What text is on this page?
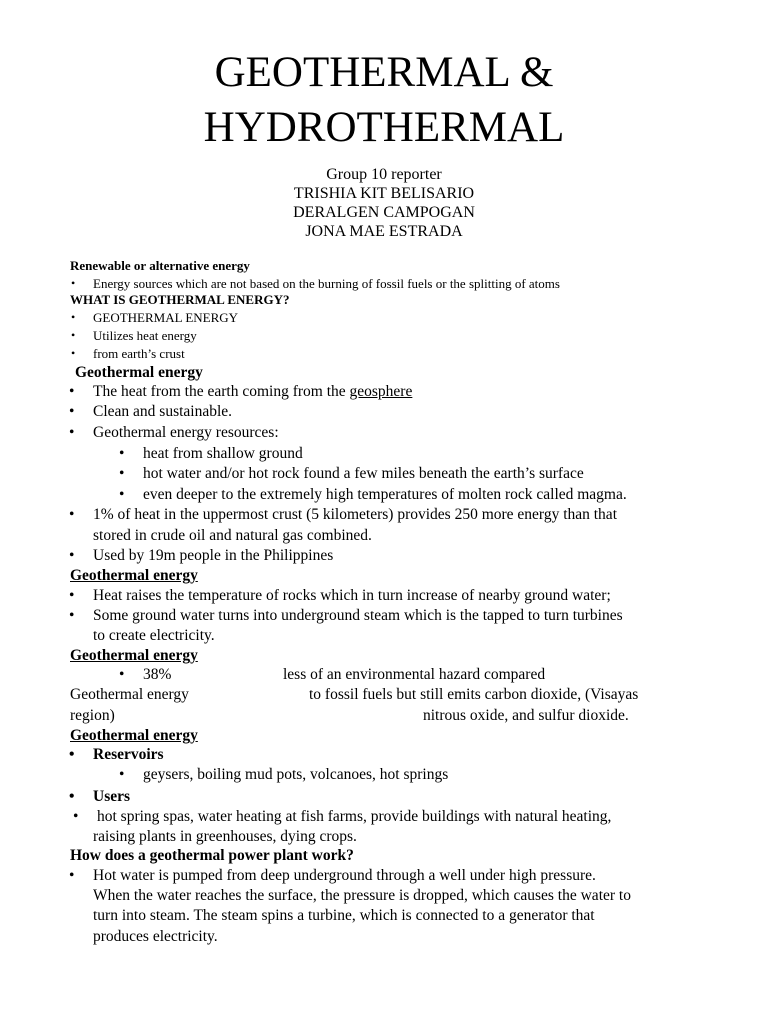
GEOTHERMAL &
HYDROTHERMAL
Group 10 reporter
TRISHIA KIT BELISARIO
DERALGEN CAMPOGAN
JONA MAE ESTRADA
Renewable or alternative energy
• Energy sources which are not based on the burning of fossil fuels or the splitting of atoms
WHAT IS GEOTHERMAL ENERGY?
• GEOTHERMAL ENERGY
• Utilizes heat energy
• from earth’s crust
Geothermal energy
• The heat from the earth coming from the geosphere
• Clean and sustainable.
• Geothermal energy resources:
• heat from shallow ground
• hot water and/or hot rock found a few miles beneath the earth’s surface
• even deeper to the extremely high temperatures of molten rock called magma.
• 1% of heat in the uppermost crust (5 kilometers) provides 250 more energy than that
stored in crude oil and natural gas combined.
• Used by 19m people in the Philippines
Geothermal energy
• Heat raises the temperature of rocks which in turn increase of nearby ground water;
• Some ground water turns into underground steam which is the tapped to turn turbines
to create electricity.
Geothermal energy
• 38%	less of an environmental hazard compared
Geothermal energy	to fossil fuels but still emits carbon dioxide, (Visayas
region)	nitrous oxide, and sulfur dioxide.
Geothermal energy
• Reservoirs
• geysers, boiling mud pots, volcanoes, hot springs
• Users
• hot spring spas, water heating at fish farms, provide buildings with natural heating,
raising plants in greenhouses, dying crops.
How does a geothermal power plant work?
• Hot water is pumped from deep underground through a well under high pressure.
When the water reaches the surface, the pressure is dropped, which causes the water to
turn into steam. The steam spins a turbine, which is connected to a generator that
produces electricity.
